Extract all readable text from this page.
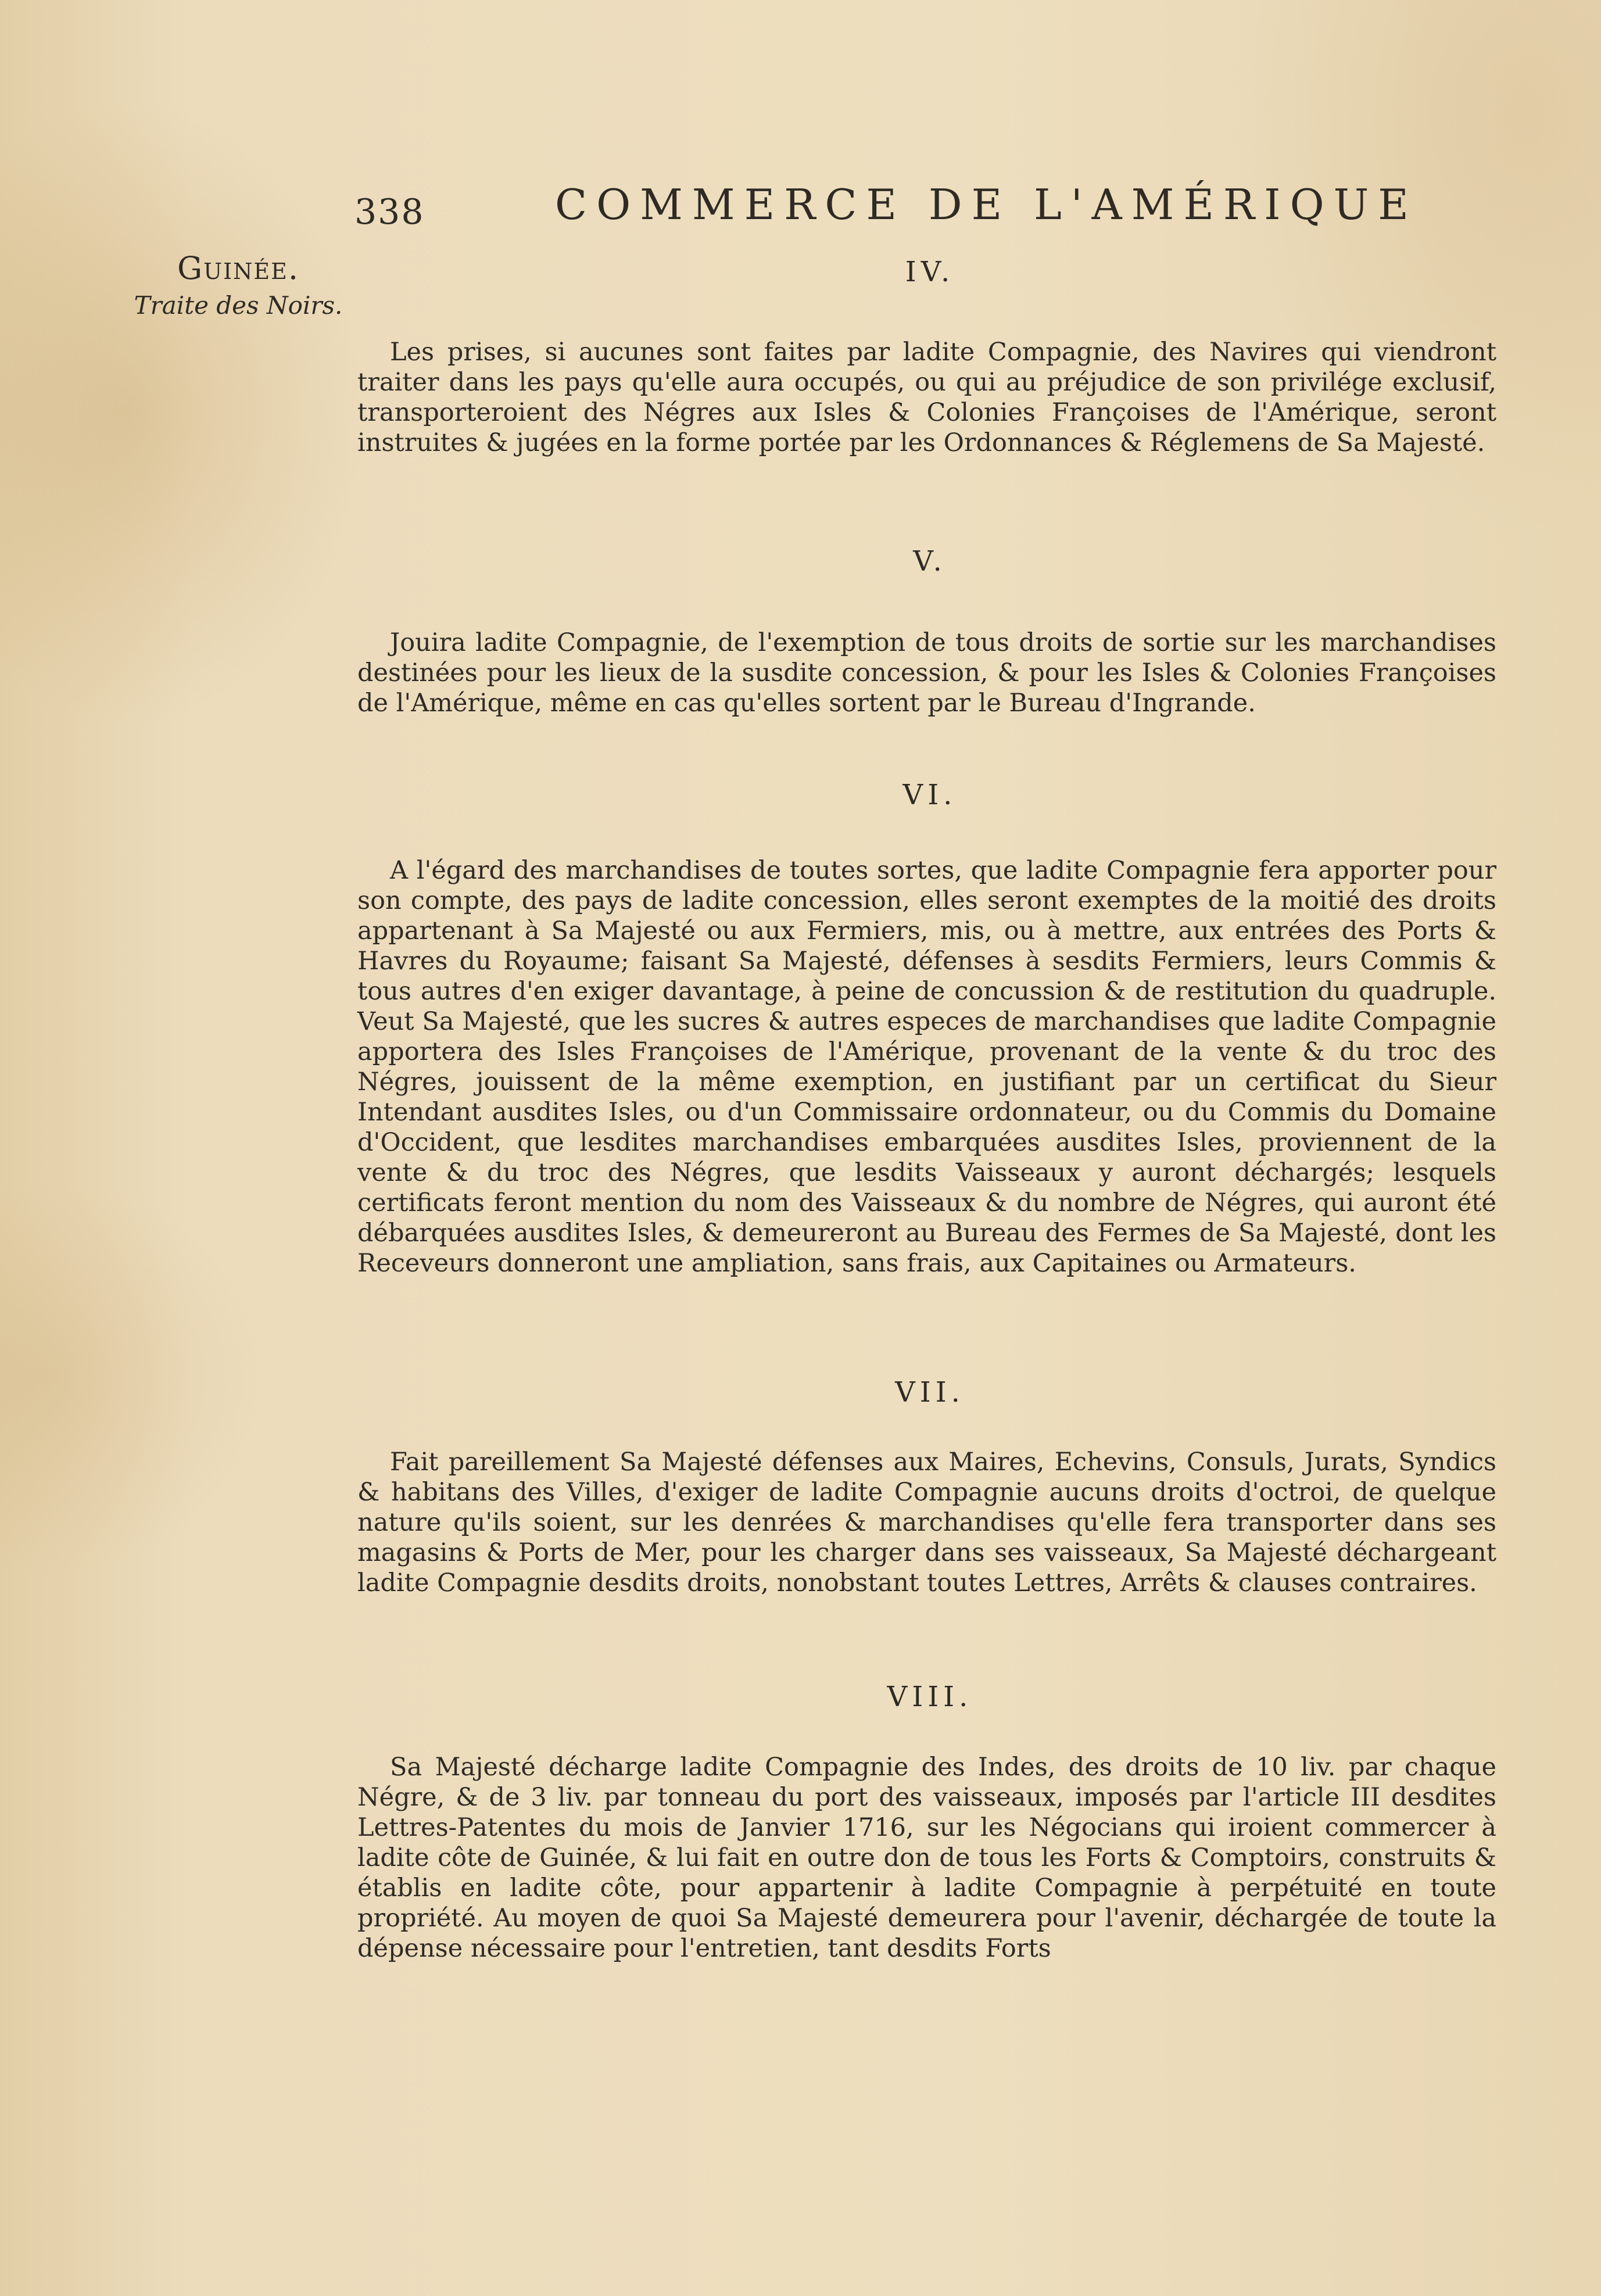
338	COMMERCE DE L'AMÉRIQUE
Guinée.
Traite des Noirs.
IV.
Les prises, si aucunes sont faites par ladite Compagnie, des Navires qui viendront traiter dans les pays qu'elle aura occupés, ou qui au préjudice de son privilége exclusif, transporteroient des Négres aux Isles & Colonies Françoises de l'Amérique, seront instruites & jugées en la forme portée par les Ordonnances & Réglemens de Sa Majesté.
V.
Jouira ladite Compagnie, de l'exemption de tous droits de sortie sur les marchandises destinées pour les lieux de la susdite concession, & pour les Isles & Colonies Françoises de l'Amérique, même en cas qu'elles sortent par le Bureau d'Ingrande.
VI.
A l'égard des marchandises de toutes sortes, que ladite Compagnie fera apporter pour son compte, des pays de ladite concession, elles seront exemptes de la moitié des droits appartenant à Sa Majesté ou aux Fermiers, mis, ou à mettre, aux entrées des Ports & Havres du Royaume; faisant Sa Majesté, défenses à sesdits Fermiers, leurs Commis & tous autres d'en exiger davantage, à peine de concussion & de restitution du quadruple. Veut Sa Majesté, que les sucres & autres especes de marchandises que ladite Compagnie apportera des Isles Françoises de l'Amérique, provenant de la vente & du troc des Négres, jouissent de la même exemption, en justifiant par un certificat du Sieur Intendant ausdites Isles, ou d'un Commissaire ordonnateur, ou du Commis du Domaine d'Occident, que lesdites marchandises embarquées ausdites Isles, proviennent de la vente & du troc des Négres, que lesdits Vaisseaux y auront déchargés; lesquels certificats feront mention du nom des Vaisseaux & du nombre de Négres, qui auront été débarquées ausdites Isles, & demeureront au Bureau des Fermes de Sa Majesté, dont les Receveurs donneront une ampliation, sans frais, aux Capitaines ou Armateurs.
VII.
Fait pareillement Sa Majesté défenses aux Maires, Echevins, Consuls, Jurats, Syndics & habitans des Villes, d'exiger de ladite Compagnie aucuns droits d'octroi, de quelque nature qu'ils soient, sur les denrées & marchandises qu'elle fera transporter dans ses magasins & Ports de Mer, pour les charger dans ses vaisseaux, Sa Majesté déchargeant ladite Compagnie desdits droits, nonobstant toutes Lettres, Arrêts & clauses contraires.
VIII.
Sa Majesté décharge ladite Compagnie des Indes, des droits de 10 liv. par chaque Négre, & de 3 liv. par tonneau du port des vaisseaux, imposés par l'article III desdites Lettres-Patentes du mois de Janvier 1716, sur les Négocians qui iroient commercer à ladite côte de Guinée, & lui fait en outre don de tous les Forts & Comptoirs, construits & établis en ladite côte, pour appartenir à ladite Compagnie à perpétuité en toute propriété. Au moyen de quoi Sa Majesté demeurera pour l'avenir, déchargée de toute la dépense nécessaire pour l'entretien, tant desdits Forts
